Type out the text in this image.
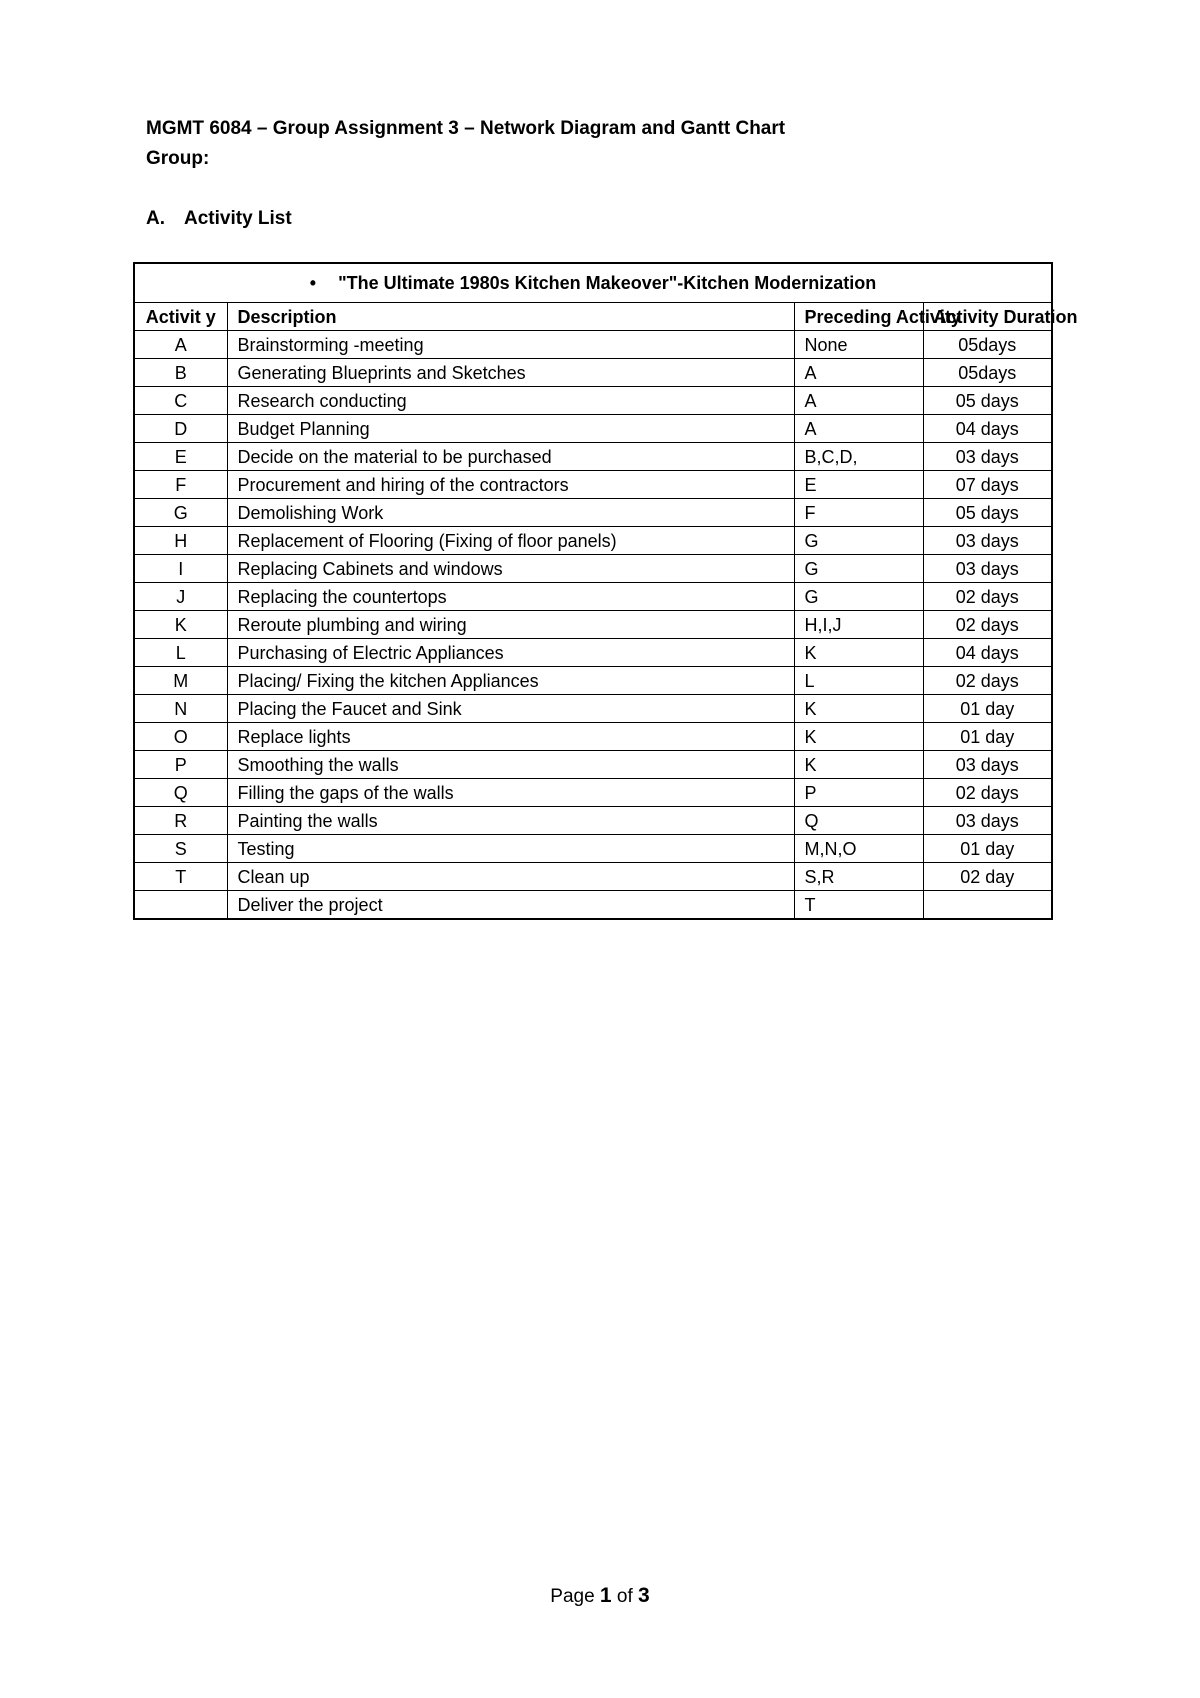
MGMT 6084 – Group Assignment 3 – Network Diagram and Gantt Chart
Group:
A. Activity List
• "The Ultimate 1980s Kitchen Makeover"-Kitchen Modernization			
Activit y	Description	Preceding Activity	Activity Duration
A	Brainstorming -meeting	None	05days
B	Generating Blueprints and Sketches	A	05days
C	Research conducting	A	05 days
D	Budget Planning	A	04 days
E	Decide on the material to be purchased	B,C,D,	03 days
F	Procurement and hiring of the contractors	E	07 days
G	Demolishing Work	F	05 days
H	Replacement of Flooring (Fixing of floor panels)	G	03 days
I	Replacing Cabinets and windows	G	03 days
J	Replacing the countertops	G	02 days
K	Reroute plumbing and wiring	H,I,J	02 days
L	Purchasing of Electric Appliances	K	04 days
M	Placing/ Fixing the kitchen Appliances	L	02 days
N	Placing the Faucet and Sink	K	01 day
O	Replace lights	K	01 day
P	Smoothing the walls	K	03 days
Q	Filling the gaps of the walls	P	02 days
R	Painting the walls	Q	03 days
S	Testing	M,N,O	01 day
T	Clean up	S,R	02 day
	Deliver the project	T	
Page 1 of 3
